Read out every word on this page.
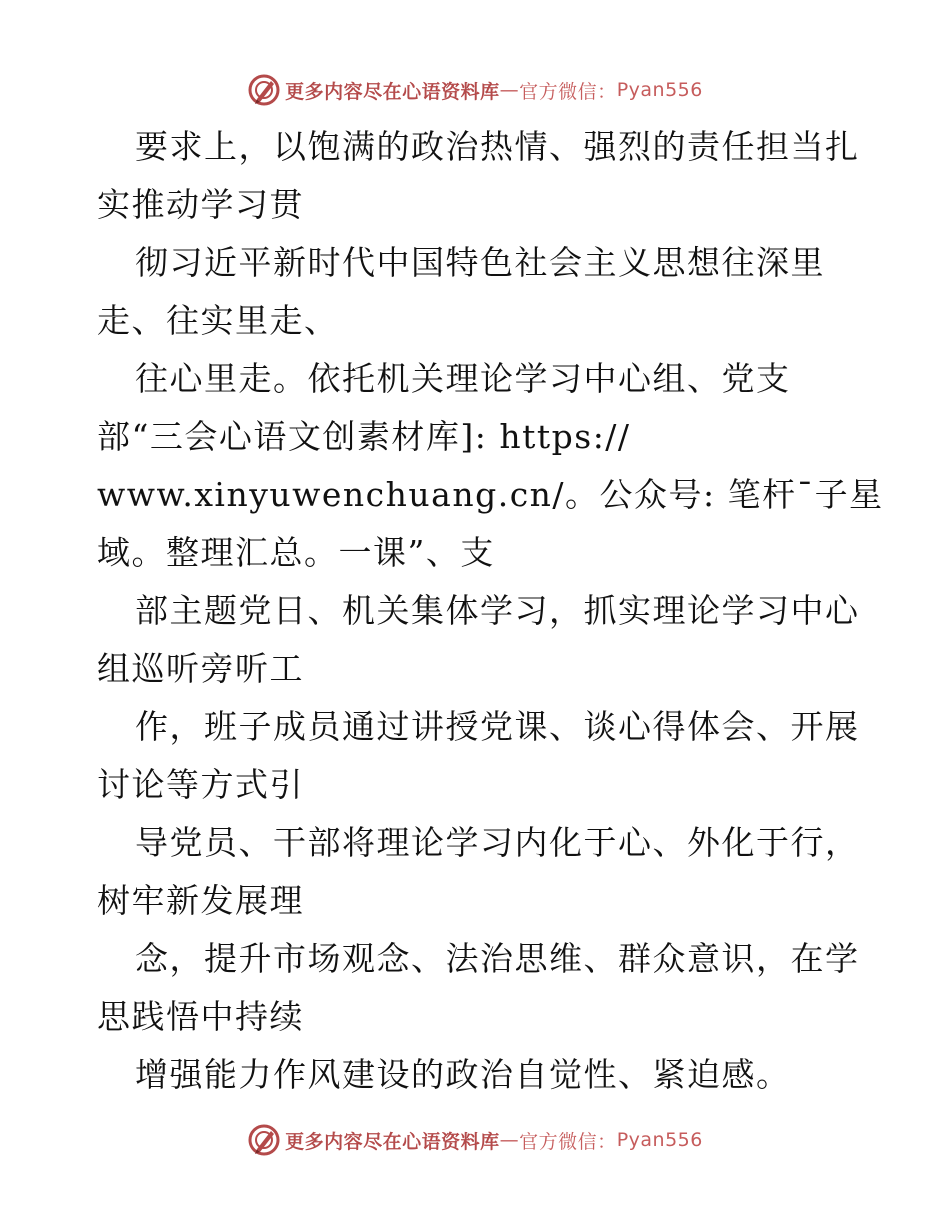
更多内容尽在心语资料库 — 官方微信： Pyan556
要求上，以饱满的政治热情、强烈的责任担当扎
实推动学习贯
彻习近平新时代中国特色社会主义思想往深里
走、往实里走、
往心里走。依托机关理论学习中心组、党支
部“三会心语文创素材库]: https://
www.xinyuwenchuang.cn/。公众号: 笔杆¯子星
域。整理汇总。一课”、支
部主题党日、机关集体学习，抓实理论学习中心
组巡听旁听工
作，班子成员通过讲授党课、谈心得体会、开展
讨论等方式引
导党员、干部将理论学习内化于心、外化于行，
树牢新发展理
念，提升市场观念、法治思维、群众意识，在学
思践悟中持续
增强能力作风建设的政治自觉性、紧迫感。
更多内容尽在心语资料库 — 官方微信： Pyan556
